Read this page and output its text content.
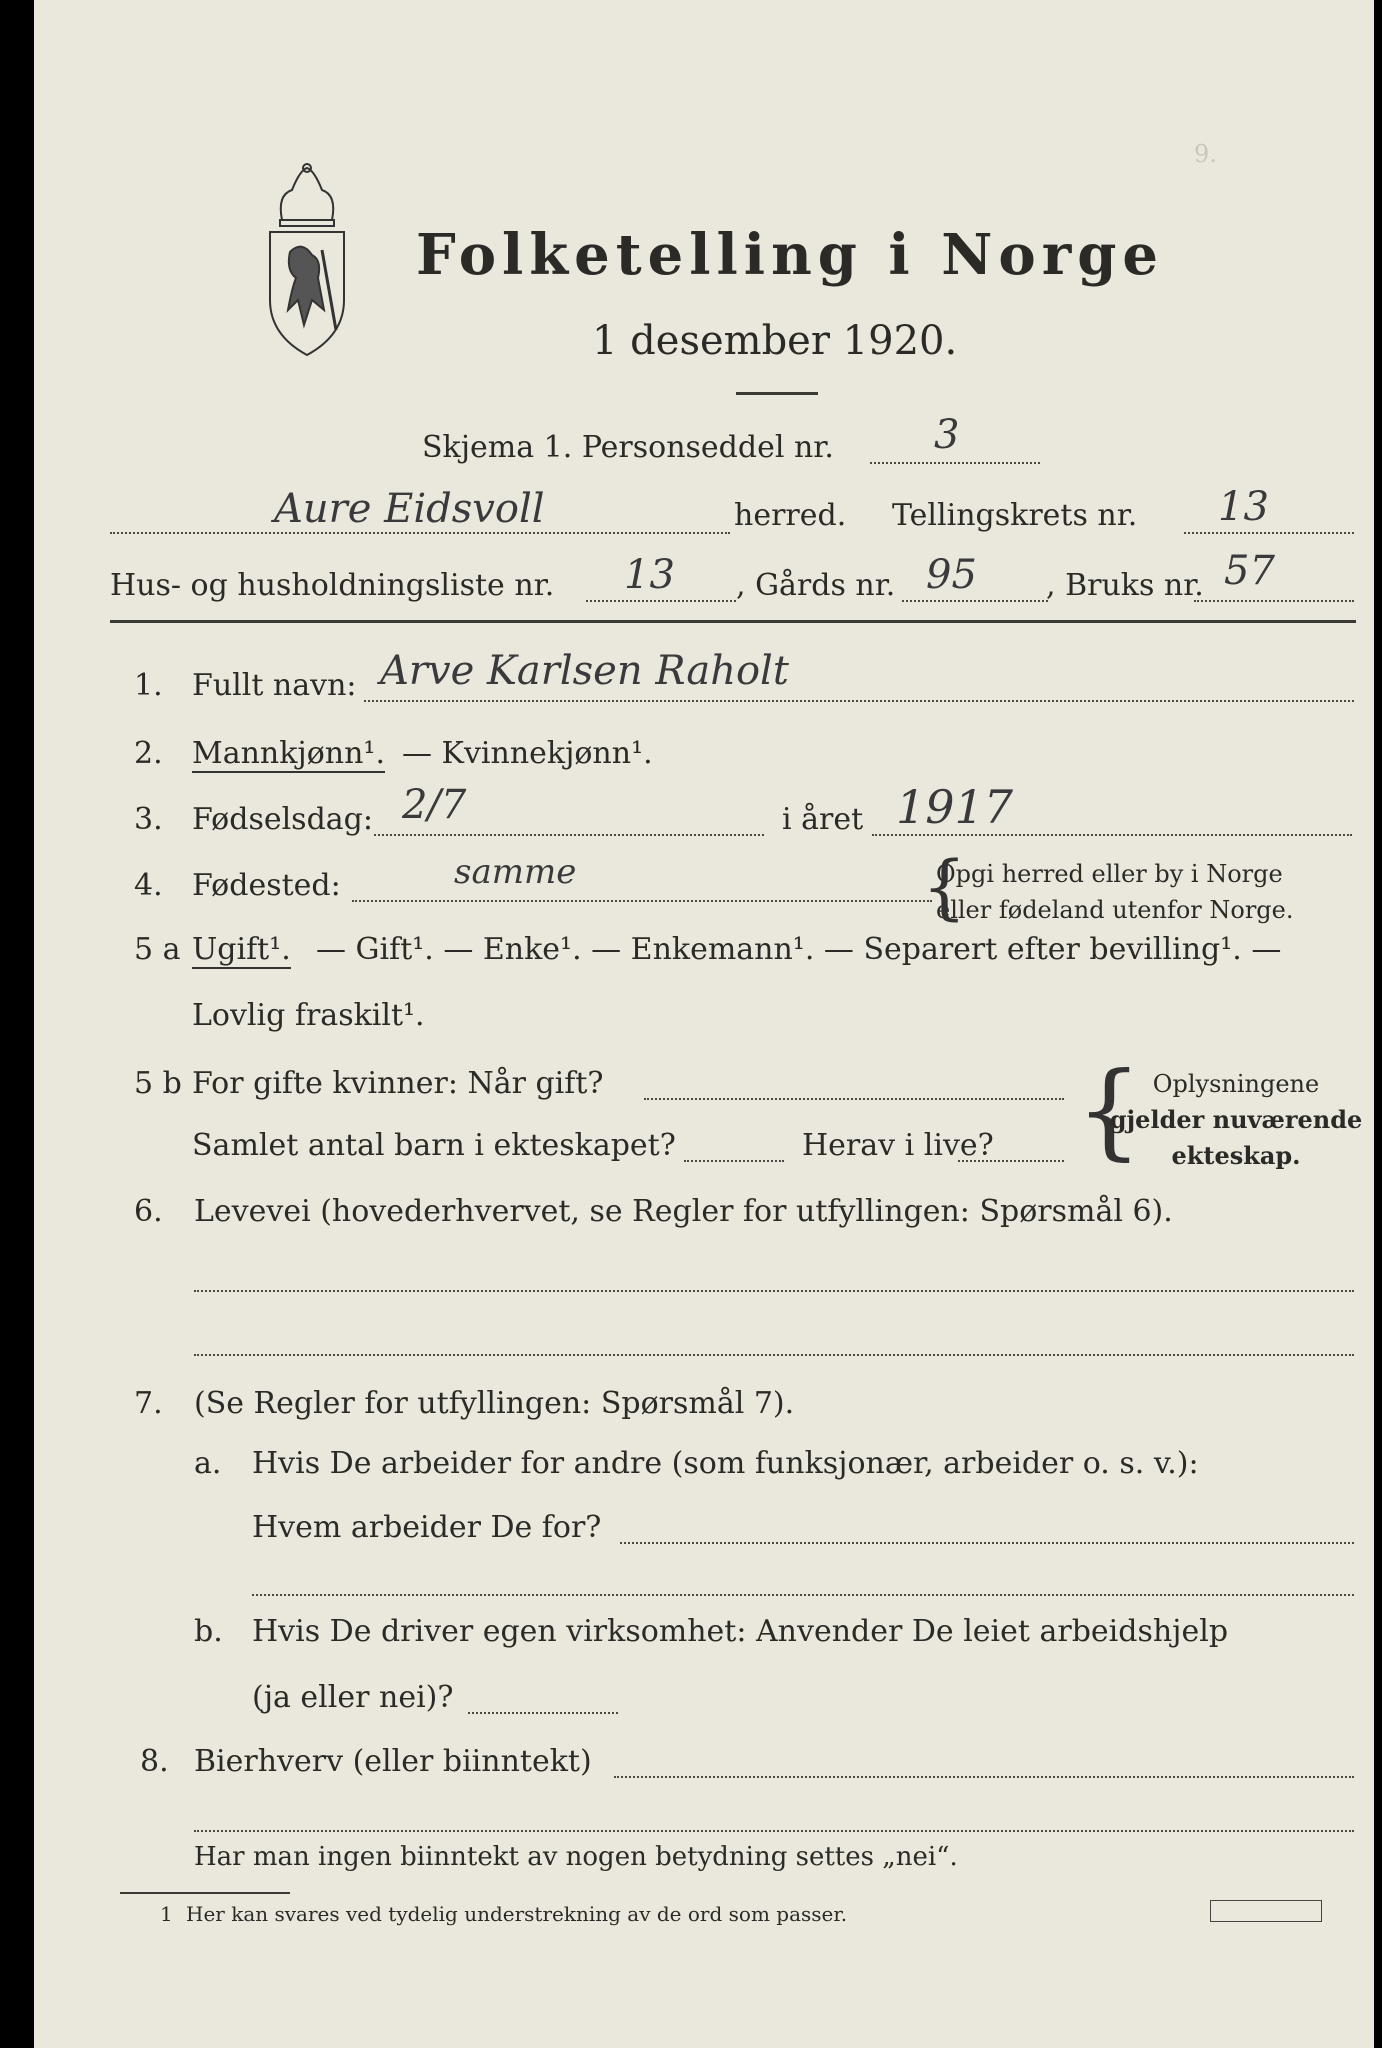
9.
Folketelling i Norge
1 desember 1920.
Skjema 1. Personseddel nr.	3
Aure Eidsvoll	herred. Tellingskrets nr. 13
Hus- og husholdningsliste nr. 13 , Gårds nr. 95 , Bruks nr. 57
1. Fullt navn: Arve Karlsen Raholt
2. Mannkjønn¹. — Kvinnekjønn¹.
3. Fødselsdag: 2/7	i året 1917
4. Fødested:	samme	Opgi herred eller by i Norge
eller fødeland utenfor Norge.
{
5 a Ugift¹. — Gift¹. — Enke¹. — Enkemann¹. — Separert efter bevilling¹. —
Lovlig fraskilt¹.
5 b For gifte kvinner: Når gift?
Samlet antal barn i ekteskapet?	Herav i live? { Oplysningene
gjelder nuværende
ekteskap.
6. Levevei (hovederhvervet, se Regler for utfyllingen: Spørsmål 6).
7. (Se Regler for utfyllingen: Spørsmål 7).
a. Hvis De arbeider for andre (som funksjonær, arbeider o. s. v.):
Hvem arbeider De for?
b. Hvis De driver egen virksomhet: Anvender De leiet arbeidshjelp
(ja eller nei)?
8. Bierhverv (eller biinntekt)
Har man ingen biinntekt av nogen betydning settes „nei“.
1 Her kan svares ved tydelig understrekning av de ord som passer.
